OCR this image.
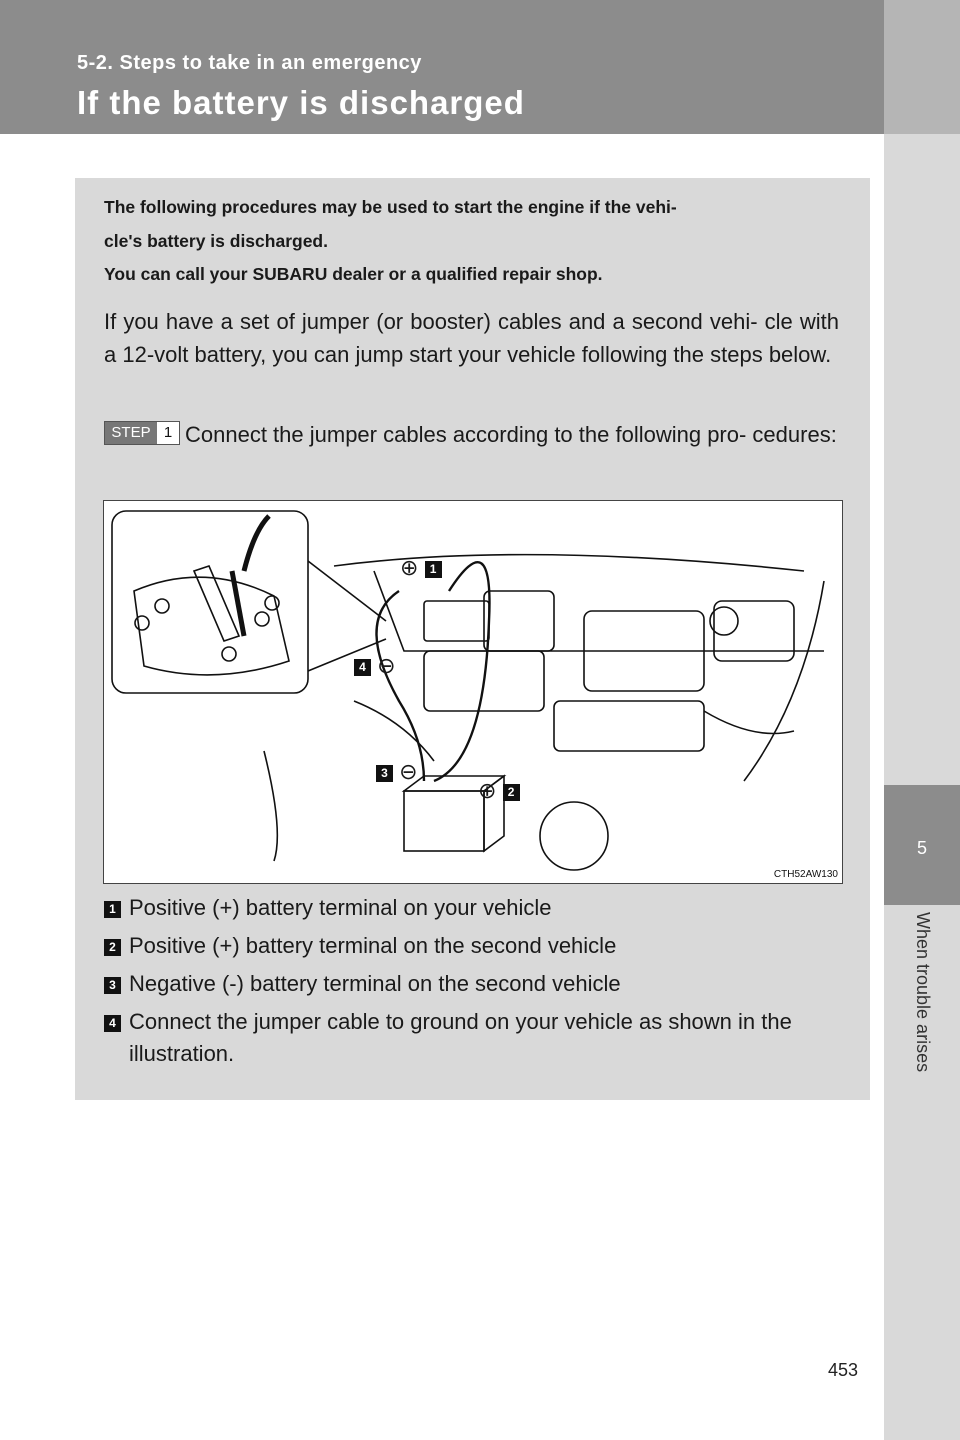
5-2. Steps to take in an emergency
If the battery is discharged
5
When trouble arises
The following procedures may be used to start the engine if the vehi-
cle's battery is discharged.
You can call your SUBARU dealer or a qualified repair shop.
If you have a set of jumper (or booster) cables and a second vehi- cle with a 12-volt battery, you can jump start your vehicle following the steps below.
STEP 1 Connect the jumper cables according to the following pro- cedures:
⊕ 1
4 ⊖
3 ⊖
⊕ 2
CTH52AW130
1 Positive (+) battery terminal on your vehicle
2 Positive (+) battery terminal on the second vehicle
3 Negative (-) battery terminal on the second vehicle
4 Connect the jumper cable to ground on your vehicle as shown in the illustration.
453
